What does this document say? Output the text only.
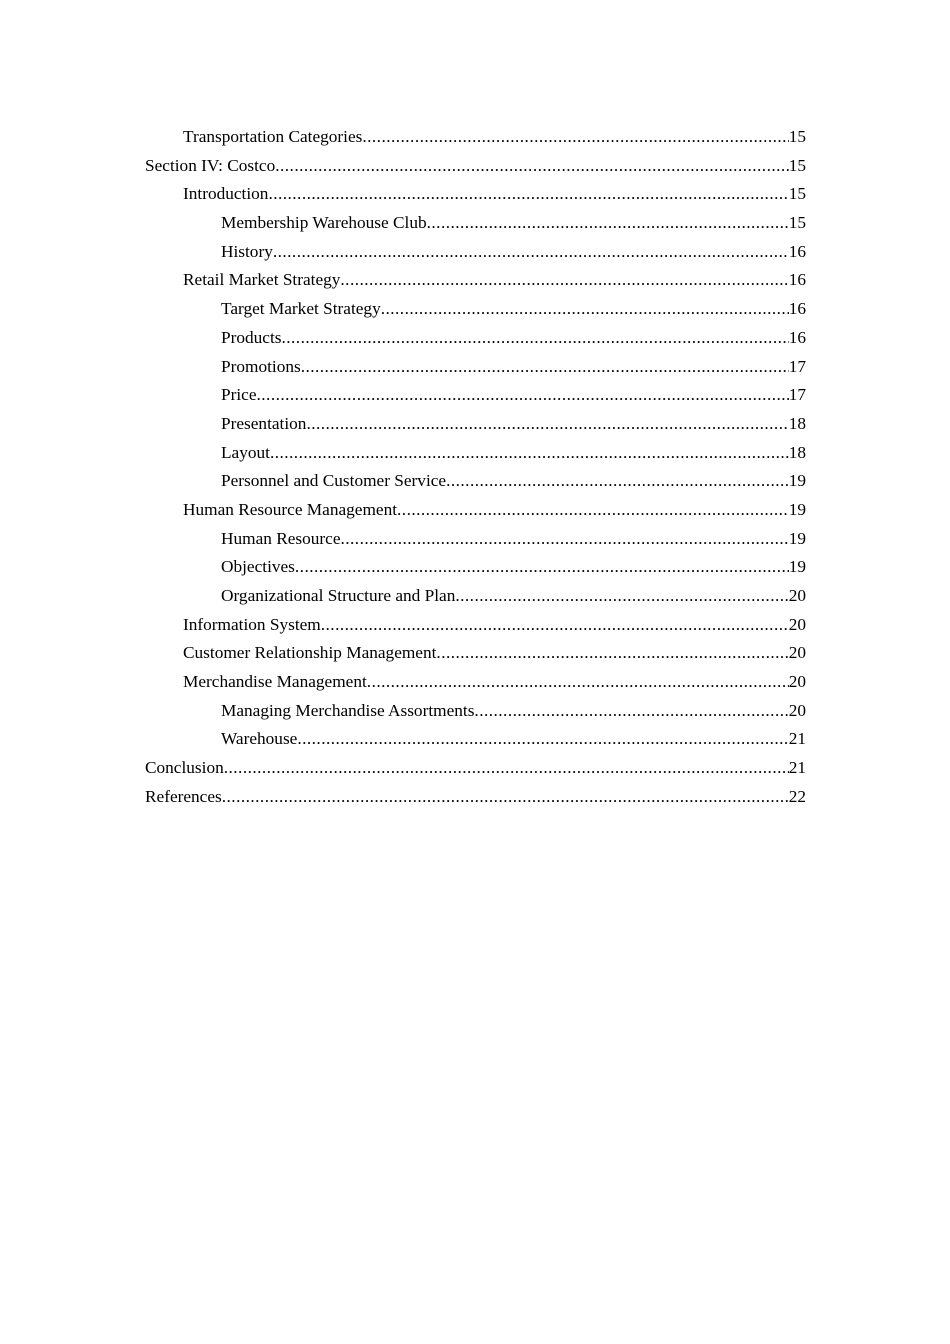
Transportation Categories .....	15
Section IV: Costco .....	15
Introduction .....	15
Membership Warehouse Club .....	15
History .....	16
Retail Market Strategy .....	16
Target Market Strategy .....	16
Products .....	16
Promotions .....	17
Price .....	17
Presentation .....	18
Layout .....	18
Personnel and Customer Service .....	19
Human Resource Management .....	19
Human Resource .....	19
Objectives .....	19
Organizational Structure and Plan .....	20
Information System .....	20
Customer Relationship Management .....	20
Merchandise Management .....	20
Managing Merchandise Assortments .....	20
Warehouse .....	21
Conclusion .....	21
References .....	22
